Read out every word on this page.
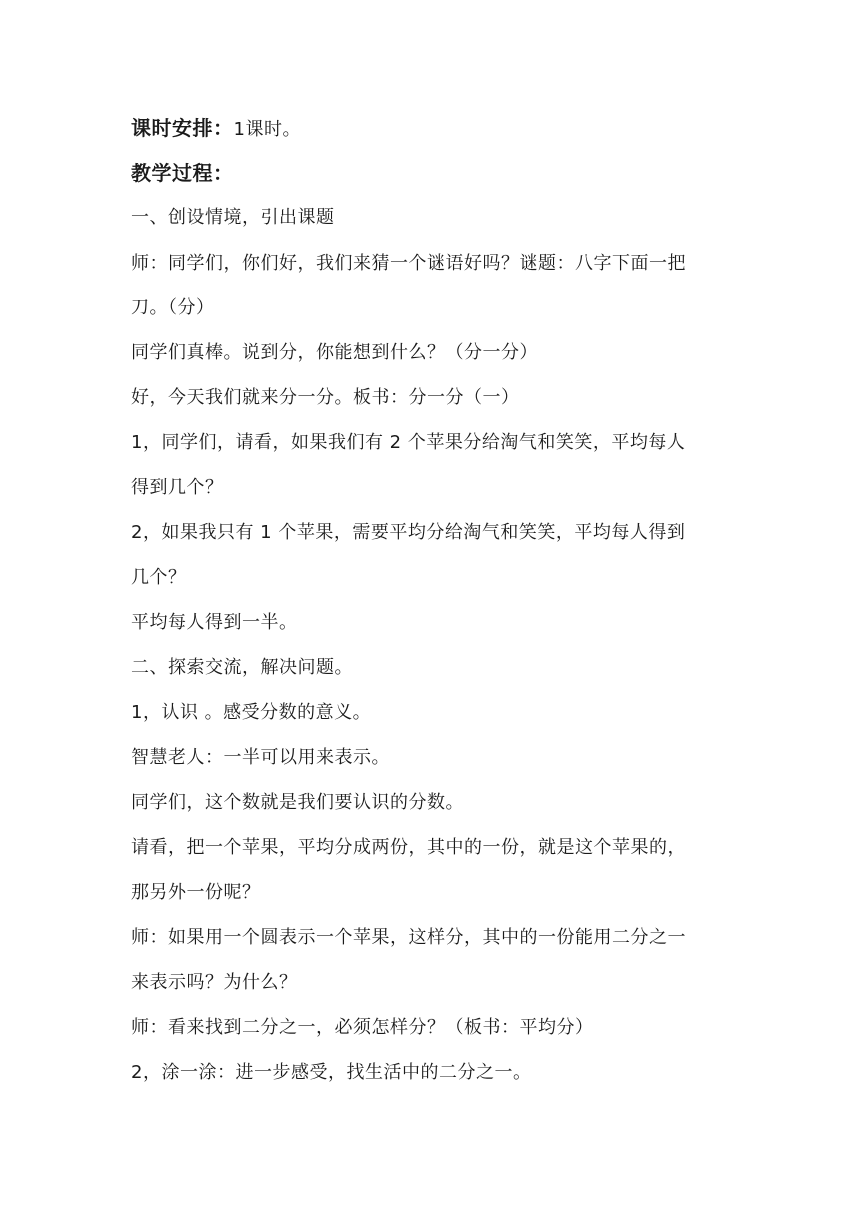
课时安排：1课时。
教学过程：
一、创设情境，引出课题
师：同学们，你们好，我们来猜一个谜语好吗？谜题：八字下面一把
刀。（分）
同学们真棒。说到分，你能想到什么？（分一分）
好，今天我们就来分一分。板书：分一分（一）
1，同学们，请看，如果我们有 2 个苹果分给淘气和笑笑，平均每人
得到几个？
2，如果我只有 1 个苹果，需要平均分给淘气和笑笑，平均每人得到
几个？
平均每人得到一半。
二、探索交流，解决问题。
1，认识 。感受分数的意义。
智慧老人：一半可以用来表示。
同学们，这个数就是我们要认识的分数。
请看，把一个苹果，平均分成两份，其中的一份，就是这个苹果的，
那另外一份呢？
师：如果用一个圆表示一个苹果，这样分，其中的一份能用二分之一
来表示吗？为什么？
师：看来找到二分之一，必须怎样分？（板书：平均分）
2，涂一涂：进一步感受，找生活中的二分之一。
